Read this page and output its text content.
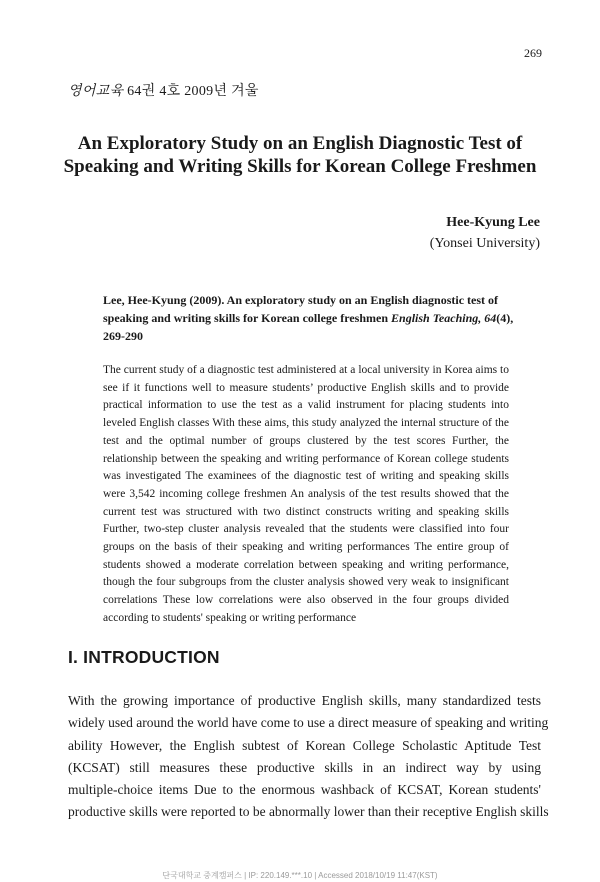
269
영어교육 64권 4호 2009년 겨울
An Exploratory Study on an English Diagnostic Test of
Speaking and Writing Skills for Korean College Freshmen
Hee-Kyung Lee
(Yonsei University)
Lee, Hee-Kyung (2009). An exploratory study on an English diagnostic test of
speaking and writing skills for Korean college freshmen English Teaching, 64(4),
269-290
The current study of a diagnostic test administered at a local university in Korea aims to see if it functions well to measure students’ productive English skills and to provide practical information to use the test as a valid instrument for placing students into leveled English classes With these aims, this study analyzed the internal structure of the test and the optimal number of groups clustered by the test scores Further, the relationship between the speaking and writing performance of Korean college students was investigated The examinees of the diagnostic test of writing and speaking skills were 3,542 incoming college freshmen An analysis of the test results showed that the current test was structured with two distinct constructs writing and speaking skills Further, two-step cluster analysis revealed that the students were classified into four groups on the basis of their speaking and writing performances The entire group of students showed a moderate correlation between speaking and writing performance, though the four subgroups from the cluster analysis showed very weak to insignificant correlations These low correlations were also observed in the four groups divided according to students' speaking or writing performance
I. INTRODUCTION
With the growing importance of productive English skills, many standardized tests
widely used around the world have come to use a direct measure of speaking and writing
ability However, the English subtest of Korean College Scholastic Aptitude Test
(KCSAT) still measures these productive skills in an indirect way by using
multiple-choice items Due to the enormous washback of KCSAT, Korean students'
productive skills were reported to be abnormally lower than their receptive English skills
단국대학교 중계캠퍼스 | IP: 220.149.***.10 | Accessed 2018/10/19 11:47(KST)
